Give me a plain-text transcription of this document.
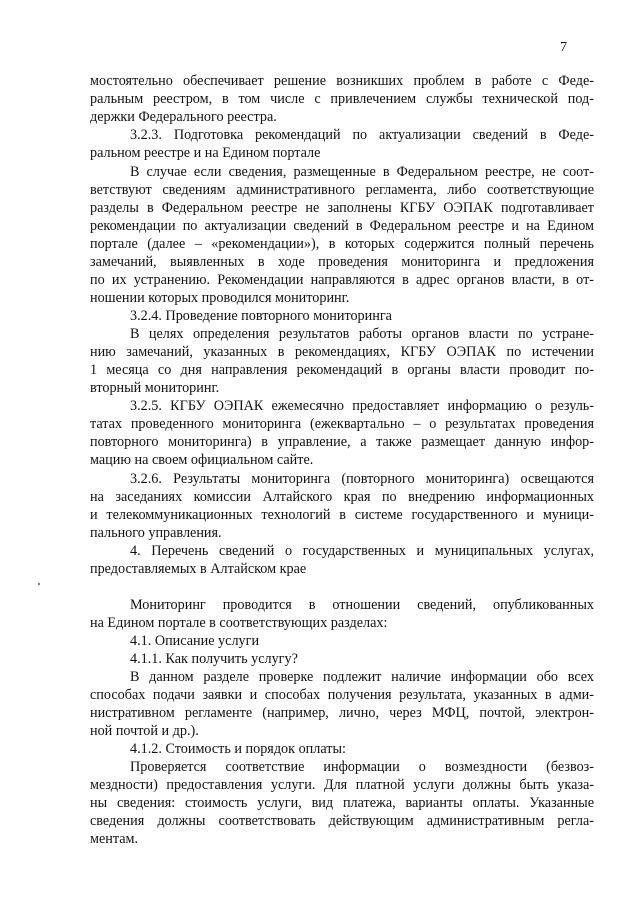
7
мостоятельно обеспечивает решение возникших проблем в работе с Феде-
ральным реестром, в том числе с привлечением службы технической под-
держки Федерального реестра.
3.2.3. Подготовка рекомендаций по актуализации сведений в Феде-
ральном реестре и на Едином портале
В случае если сведения, размещенные в Федеральном реестре, не соот-
ветствуют сведениям административного регламента, либо соответствующие
разделы в Федеральном реестре не заполнены КГБУ ОЭПАК подготавливает
рекомендации по актуализации сведений в Федеральном реестре и на Едином
портале (далее – «рекомендации»), в которых содержится полный перечень
замечаний, выявленных в ходе проведения мониторинга и предложения
по их устранению. Рекомендации направляются в адрес органов власти, в от-
ношении которых проводился мониторинг.
3.2.4. Проведение повторного мониторинга
В целях определения результатов работы органов власти по устране-
нию замечаний, указанных в рекомендациях, КГБУ ОЭПАК по истечении
1 месяца со дня направления рекомендаций в органы власти проводит по-
вторный мониторинг.
3.2.5. КГБУ ОЭПАК ежемесячно предоставляет информацию о резуль-
татах проведенного мониторинга (ежеквартально – о результатах проведения
повторного мониторинга) в управление, а также размещает данную инфор-
мацию на своем официальном сайте.
3.2.6. Результаты мониторинга (повторного мониторинга) освещаются
на заседаниях комиссии Алтайского края по внедрению информационных
и телекоммуникационных технологий в системе государственного и муници-
пального управления.
4. Перечень сведений о государственных и муниципальных услугах,
предоставляемых в Алтайском крае
Мониторинг проводится в отношении сведений, опубликованных
на Едином портале в соответствующих разделах:
4.1. Описание услуги
4.1.1. Как получить услугу?
В данном разделе проверке подлежит наличие информации обо всех
способах подачи заявки и способах получения результата, указанных в адми-
нистративном регламенте (например, лично, через МФЦ, почтой, электрон-
ной почтой и др.).
4.1.2. Стоимость и порядок оплаты:
Проверяется соответствие информации о возмездности (безвоз-
мездности) предоставления услуги. Для платной услуги должны быть указа-
ны сведения: стоимость услуги, вид платежа, варианты оплаты. Указанные
сведения должны соответствовать действующим административным регла-
ментам.
